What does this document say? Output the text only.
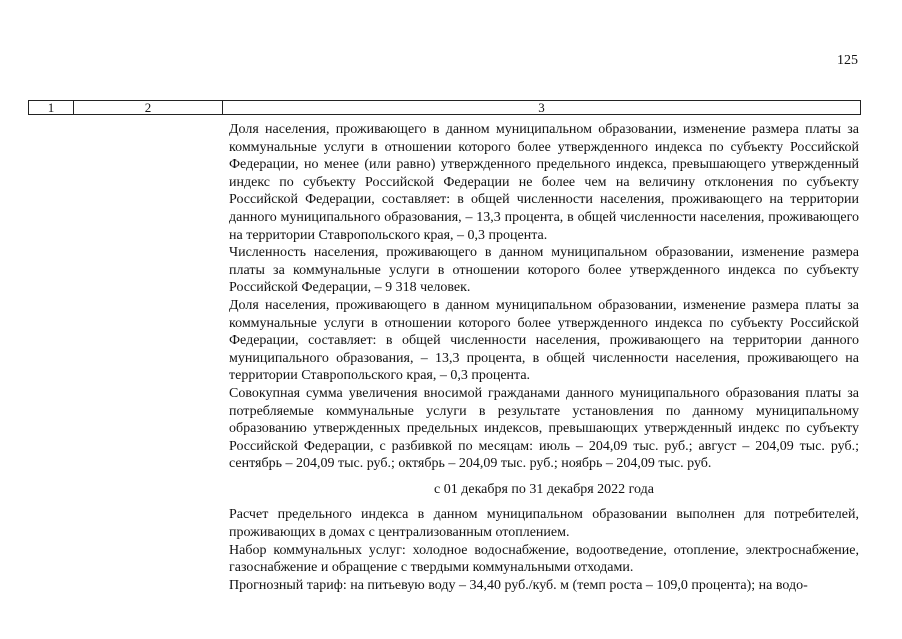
125
1	2	3

Доля населения, проживающего в данном муниципальном образовании, изменение размера платы за коммунальные услуги в отношении которого более утвержденного индекса по субъекту Российской Федерации, но менее (или равно) утвержденного предельного индекса, превышающего утвержденный индекс по субъекту Российской Федерации не более чем на величину отклонения по субъекту Российской Федерации, составляет: в общей численности населения, проживающего на территории данного муниципального образования, – 13,3 процента, в общей численности населения, проживающего на территории Ставропольского края, – 0,3 процента.

Численность населения, проживающего в данном муниципальном образовании, изменение размера платы за коммунальные услуги в отношении которого более утвержденного индекса по субъекту Российской Федерации, – 9 318 человек.

Доля населения, проживающего в данном муниципальном образовании, изменение размера платы за коммунальные услуги в отношении которого более утвержденного индекса по субъекту Российской Федерации, составляет: в общей численности населения, проживающего на территории данного муниципального образования, – 13,3 процента, в общей численности населения, проживающего на территории Ставропольского края, – 0,3 процента.

Совокупная сумма увеличения вносимой гражданами данного муниципального образования платы за потребляемые коммунальные услуги в результате установления по данному муниципальному образованию утвержденных предельных индексов, превышающих утвержденный индекс по субъекту Российской Федерации, с разбивкой по месяцам: июль – 204,09 тыс. руб.; август – 204,09 тыс. руб.; сентябрь – 204,09 тыс. руб.; октябрь – 204,09 тыс. руб.; ноябрь – 204,09 тыс. руб.

с 01 декабря по 31 декабря 2022 года

Расчет предельного индекса в данном муниципальном образовании выполнен для потребителей, проживающих в домах с централизованным отоплением.

Набор коммунальных услуг: холодное водоснабжение, водоотведение, отопление, электроснабжение, газоснабжение и обращение с твердыми коммунальными отходами.

Прогнозный тариф: на питьевую воду – 34,40 руб./куб. м (темп роста – 109,0 процента); на водо-
